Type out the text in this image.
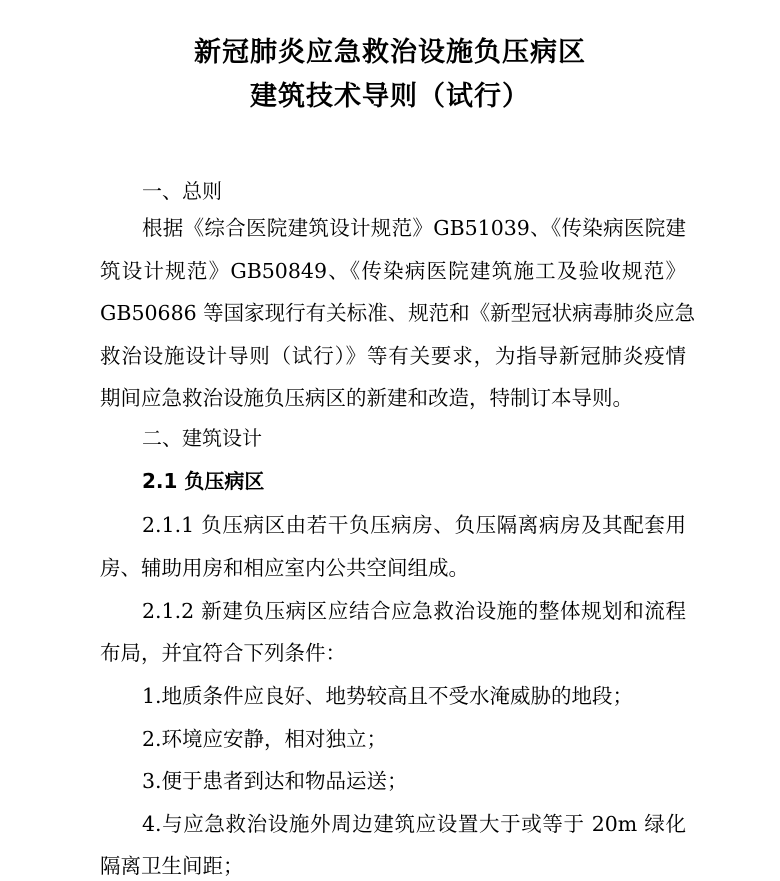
新冠肺炎应急救治设施负压病区
建筑技术导则（试行）
一、总则
根据《综合医院建筑设计规范》GB51039、《传染病医院建
筑设计规范》GB50849、《传染病医院建筑施工及验收规范》
GB50686 等国家现行有关标准、规范和《新型冠状病毒肺炎应急
救治设施设计导则（试行）》等有关要求，为指导新冠肺炎疫情
期间应急救治设施负压病区的新建和改造，特制订本导则。
二、建筑设计
2.1 负压病区
2.1.1 负压病区由若干负压病房、负压隔离病房及其配套用
房、辅助用房和相应室内公共空间组成。
2.1.2 新建负压病区应结合应急救治设施的整体规划和流程
布局，并宜符合下列条件：
1.地质条件应良好、地势较高且不受水淹威胁的地段；
2.环境应安静，相对独立；
3.便于患者到达和物品运送；
4.与应急救治设施外周边建筑应设置大于或等于 20m 绿化
隔离卫生间距；
